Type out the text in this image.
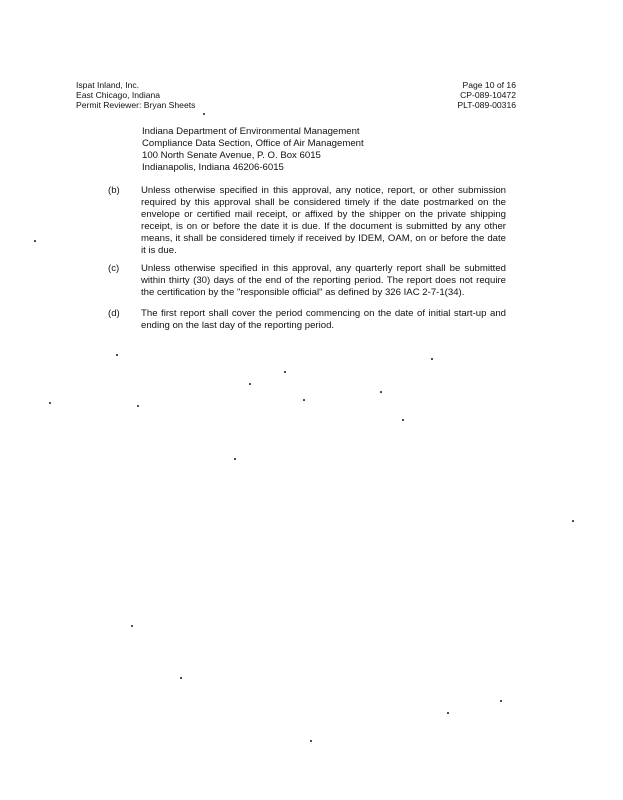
Ispat Inland, Inc.
East Chicago, Indiana
Permit Reviewer: Bryan Sheets
Page 10 of 16
CP-089-10472
PLT-089-00316
Indiana Department of Environmental Management
Compliance Data Section, Office of Air Management
100 North Senate Avenue, P. O. Box 6015
Indianapolis, Indiana 46206-6015
(b)	Unless otherwise specified in this approval, any notice, report, or other submission required by this approval shall be considered timely if the date postmarked on the envelope or certified mail receipt, or affixed by the shipper on the private shipping receipt, is on or before the date it is due. If the document is submitted by any other means, it shall be considered timely if received by IDEM, OAM, on or before the date it is due.
(c)	Unless otherwise specified in this approval, any quarterly report shall be submitted within thirty (30) days of the end of the reporting period. The report does not require the certification by the "responsible official" as defined by 326 IAC 2-7-1(34).
(d)	The first report shall cover the period commencing on the date of initial start-up and ending on the last day of the reporting period.
